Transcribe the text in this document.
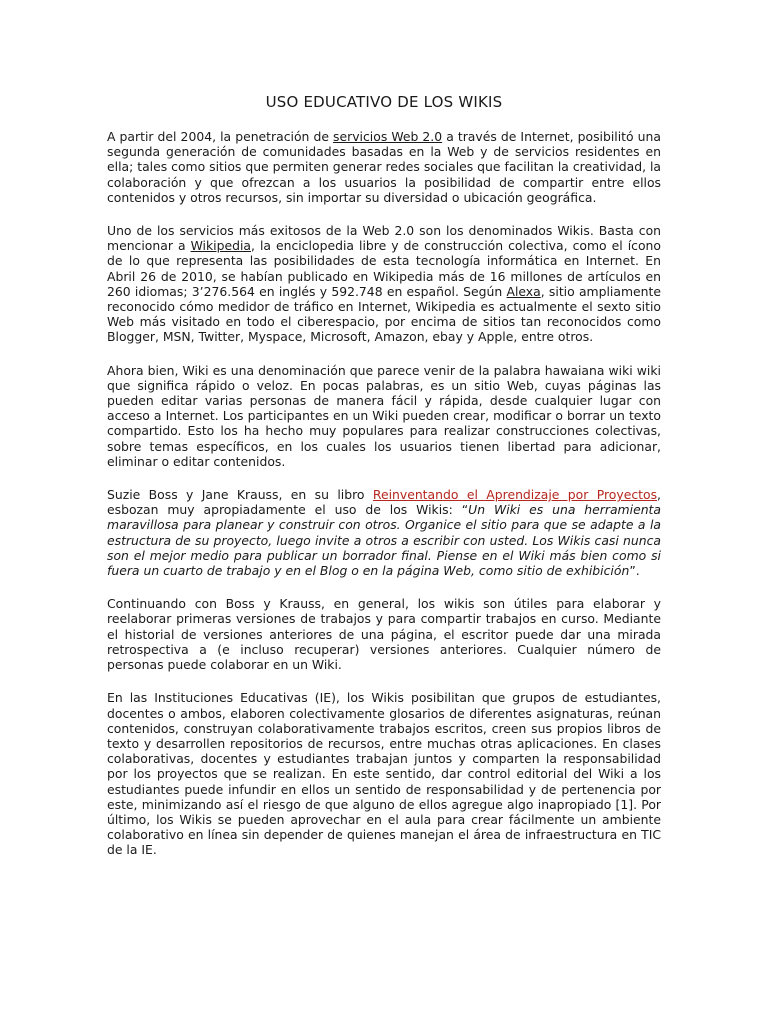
USO EDUCATIVO DE LOS WIKIS

A partir del 2004, la penetración de servicios Web 2.0 a través de Internet, posibilitó una segunda generación de comunidades basadas en la Web y de servicios residentes en ella; tales como sitios que permiten generar redes sociales que facilitan la creatividad, la colaboración y que ofrezcan a los usuarios la posibilidad de compartir entre ellos contenidos y otros recursos, sin importar su diversidad o ubicación geográfica.

Uno de los servicios más exitosos de la Web 2.0 son los denominados Wikis. Basta con mencionar a Wikipedia, la enciclopedia libre y de construcción colectiva, como el ícono de lo que representa las posibilidades de esta tecnología informática en Internet. En Abril 26 de 2010, se habían publicado en Wikipedia más de 16 millones de artículos en 260 idiomas; 3’276.564 en inglés y 592.748 en español. Según Alexa, sitio ampliamente reconocido cómo medidor de tráfico en Internet, Wikipedia es actualmente el sexto sitio Web más visitado en todo el ciberespacio, por encima de sitios tan reconocidos como Blogger, MSN, Twitter, Myspace, Microsoft, Amazon, ebay y Apple, entre otros.

Ahora bien, Wiki es una denominación que parece venir de la palabra hawaiana wiki wiki que significa rápido o veloz. En pocas palabras, es un sitio Web, cuyas páginas las pueden editar varias personas de manera fácil y rápida, desde cualquier lugar con acceso a Internet. Los participantes en un Wiki pueden crear, modificar o borrar un texto compartido. Esto los ha hecho muy populares para realizar construcciones colectivas, sobre temas específicos, en los cuales los usuarios tienen libertad para adicionar, eliminar o editar contenidos.

Suzie Boss y Jane Krauss, en su libro Reinventando el Aprendizaje por Proyectos, esbozan muy apropiadamente el uso de los Wikis: “Un Wiki es una herramienta maravillosa para planear y construir con otros. Organice el sitio para que se adapte a la estructura de su proyecto, luego invite a otros a escribir con usted. Los Wikis casi nunca son el mejor medio para publicar un borrador final. Piense en el Wiki más bien como si fuera un cuarto de trabajo y en el Blog o en la página Web, como sitio de exhibición”.

Continuando con Boss y Krauss, en general, los wikis son útiles para elaborar y reelaborar primeras versiones de trabajos y para compartir trabajos en curso. Mediante el historial de versiones anteriores de una página, el escritor puede dar una mirada retrospectiva a (e incluso recuperar) versiones anteriores. Cualquier número de personas puede colaborar en un Wiki.

En las Instituciones Educativas (IE), los Wikis posibilitan que grupos de estudiantes, docentes o ambos, elaboren colectivamente glosarios de diferentes asignaturas, reúnan contenidos, construyan colaborativamente trabajos escritos, creen sus propios libros de texto y desarrollen repositorios de recursos, entre muchas otras aplicaciones. En clases colaborativas, docentes y estudiantes trabajan juntos y comparten la responsabilidad por los proyectos que se realizan. En este sentido, dar control editorial del Wiki a los estudiantes puede infundir en ellos un sentido de responsabilidad y de pertenencia por este, minimizando así el riesgo de que alguno de ellos agregue algo inapropiado [1]. Por último, los Wikis se pueden aprovechar en el aula para crear fácilmente un ambiente colaborativo en línea sin depender de quienes manejan el área de infraestructura en TIC de la IE.
